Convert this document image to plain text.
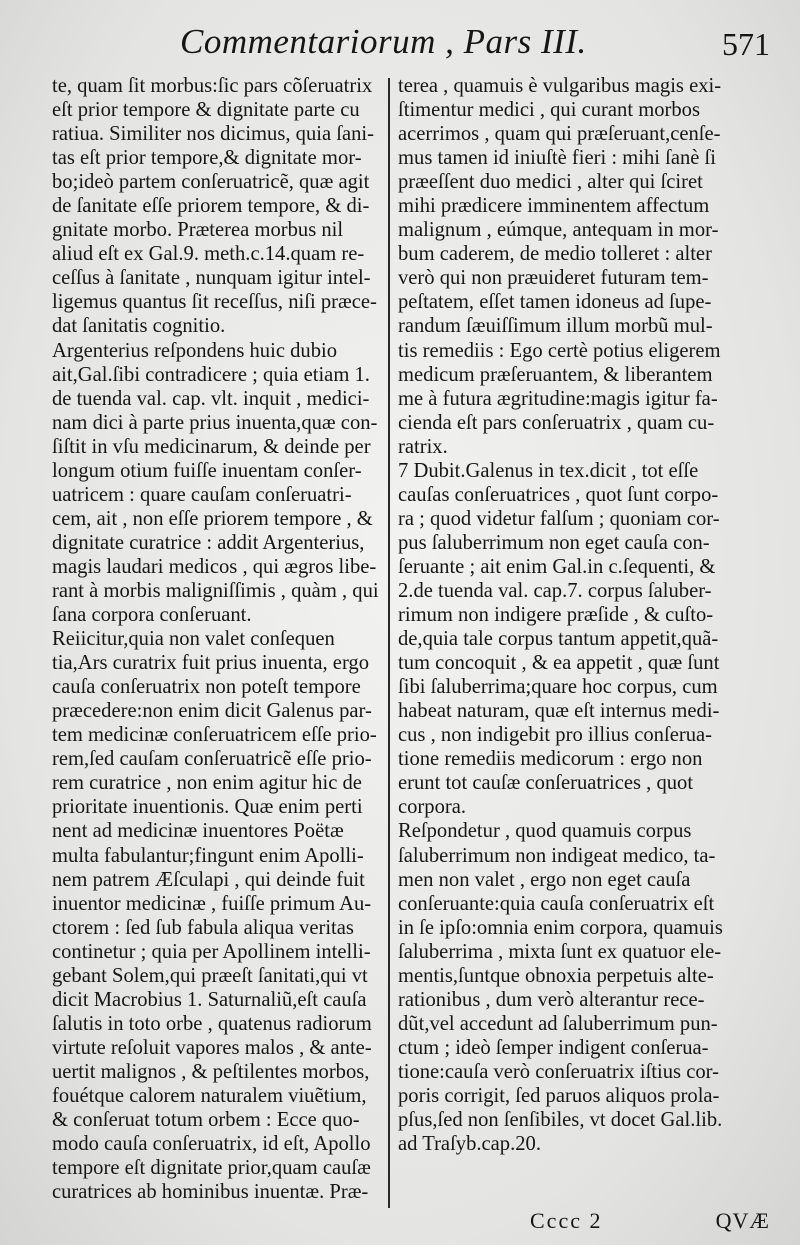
Commentariorum , Pars III.	571
te, quam ſit morbus:ſic pars cõſeruatrix
eſt prior tempore & dignitate parte cu
ratiua. Similiter nos dicimus, quia ſani-
tas eſt prior tempore,& dignitate mor-
bo;ideò partem conſeruatricẽ, quæ agit
de ſanitate eſſe priorem tempore, & di-
gnitate morbo. Præterea morbus nil
aliud eſt ex Gal.9. meth.c.14.quam re-
ceſſus à ſanitate , nunquam igitur intel-
ligemus quantus ſit receſſus, niſi præce-
dat ſanitatis cognitio.
Argenterius reſpondens huic dubio
ait,Gal.ſibi contradicere ; quia etiam 1.
de tuenda val. cap. vlt. inquit , medici-
nam dici à parte prius inuenta,quæ con-
ſiſtit in vſu medicinarum, & deinde per
longum otium fuiſſe inuentam conſer-
uatricem : quare cauſam conſeruatri-
cem, ait , non eſſe priorem tempore , &
dignitate curatrice : addit Argenterius,
magis laudari medicos , qui ægros libe-
rant à morbis maligniſſimis , quàm , qui
ſana corpora conſeruant.
Reiicitur,quia non valet conſequen
tia,Ars curatrix fuit prius inuenta, ergo
cauſa conſeruatrix non poteſt tempore
præcedere:non enim dicit Galenus par-
tem medicinæ conſeruatricem eſſe prio-
rem,ſed cauſam conſeruatricẽ eſſe prio-
rem curatrice , non enim agitur hic de
prioritate inuentionis. Quæ enim perti
nent ad medicinæ inuentores Poëtæ
multa fabulantur;fingunt enim Apolli-
nem patrem Æſculapi , qui deinde fuit
inuentor medicinæ , fuiſſe primum Au-
ctorem : ſed ſub fabula aliqua veritas
continetur ; quia per Apollinem intelli-
gebant Solem,qui præeſt ſanitati,qui vt
dicit Macrobius 1. Saturnaliũ,eſt cauſa
ſalutis in toto orbe , quatenus radiorum
virtute reſoluit vapores malos , & ante-
uertit malignos , & peſtilentes morbos,
fouétque calorem naturalem viuẽtium,
& conſeruat totum orbem : Ecce quo-
modo cauſa conſeruatrix, id eſt, Apollo
tempore eſt dignitate prior,quam cauſæ
curatrices ab hominibus inuentæ. Præ-
terea , quamuis è vulgaribus magis exi-
ſtimentur medici , qui curant morbos
acerrimos , quam qui præſeruant,cenſe-
mus tamen id iniuſtè fieri : mihi ſanè ſi
præeſſent duo medici , alter qui ſciret
mihi prædicere imminentem affectum
malignum , eúmque, antequam in mor-
bum caderem, de medio tolleret : alter
verò qui non præuideret futuram tem-
peſtatem, eſſet tamen idoneus ad ſupe-
randum ſæuiſſimum illum morbũ mul-
tis remediis : Ego certè potius eligerem
medicum præſeruantem, & liberantem
me à futura ægritudine:magis igitur fa-
cienda eſt pars conſeruatrix , quam cu-
ratrix.
7 Dubit.Galenus in tex.dicit , tot eſſe
cauſas conſeruatrices , quot ſunt corpo-
ra ; quod videtur falſum ; quoniam cor-
pus ſaluberrimum non eget cauſa con-
ſeruante ; ait enim Gal.in c.ſequenti, &
2.de tuenda val. cap.7. corpus ſaluber-
rimum non indigere præſide , & cuſto-
de,quia tale corpus tantum appetit,quã-
tum concoquit , & ea appetit , quæ ſunt
ſibi ſaluberrima;quare hoc corpus, cum
habeat naturam, quæ eſt internus medi-
cus , non indigebit pro illius conſerua-
tione remediis medicorum : ergo non
erunt tot cauſæ conſeruatrices , quot
corpora.
Reſpondetur , quod quamuis corpus
ſaluberrimum non indigeat medico, ta-
men non valet , ergo non eget cauſa
conſeruante:quia cauſa conſeruatrix eſt
in ſe ipſo:omnia enim corpora, quamuis
ſaluberrima , mixta ſunt ex quatuor ele-
mentis,ſuntque obnoxia perpetuis alte-
rationibus , dum verò alterantur rece-
dũt,vel accedunt ad ſaluberrimum pun-
ctum ; ideò ſemper indigent conſerua-
tione:cauſa verò conſeruatrix iſtius cor-
poris corrigit, ſed paruos aliquos prola-
pſus,ſed non ſenſibiles, vt docet Gal.lib.
ad Traſyb.cap.20.
Cccc 2	QVÆ
